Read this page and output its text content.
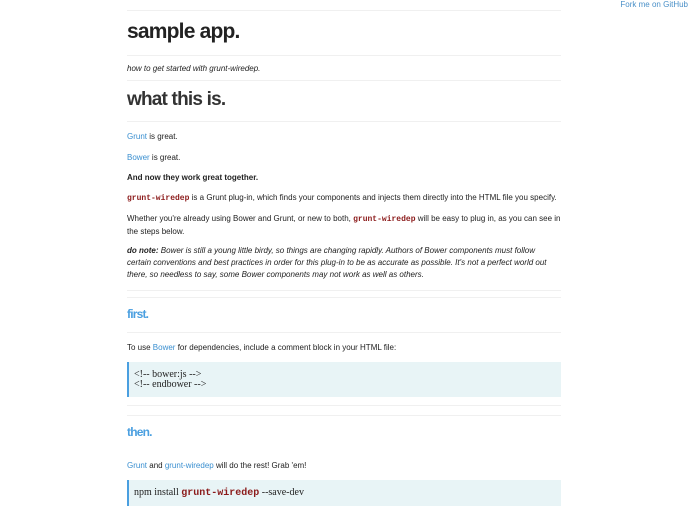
Fork me on GitHub
sample app.

how to get started with grunt-wiredep.

what this is.

Grunt is great.

Bower is great.

And now they work great together.

grunt-wiredep is a Grunt plug-in, which finds your components and injects them directly into the HTML file you specify.

Whether you're already using Bower and Grunt, or new to both, grunt-wiredep will be easy to plug in, as you can see in the steps below.

do note: Bower is still a young little birdy, so things are changing rapidly. Authors of Bower components must follow certain conventions and best practices in order for this plug-in to be as accurate as possible. It's not a perfect world out there, so needless to say, some Bower components may not work as well as others.

first.

To use Bower for dependencies, include a comment block in your HTML file:

<!-- bower:js -->
<!-- endbower -->
then.

Grunt and grunt-wiredep will do the rest! Grab 'em!

npm install grunt-wiredep --save-dev
